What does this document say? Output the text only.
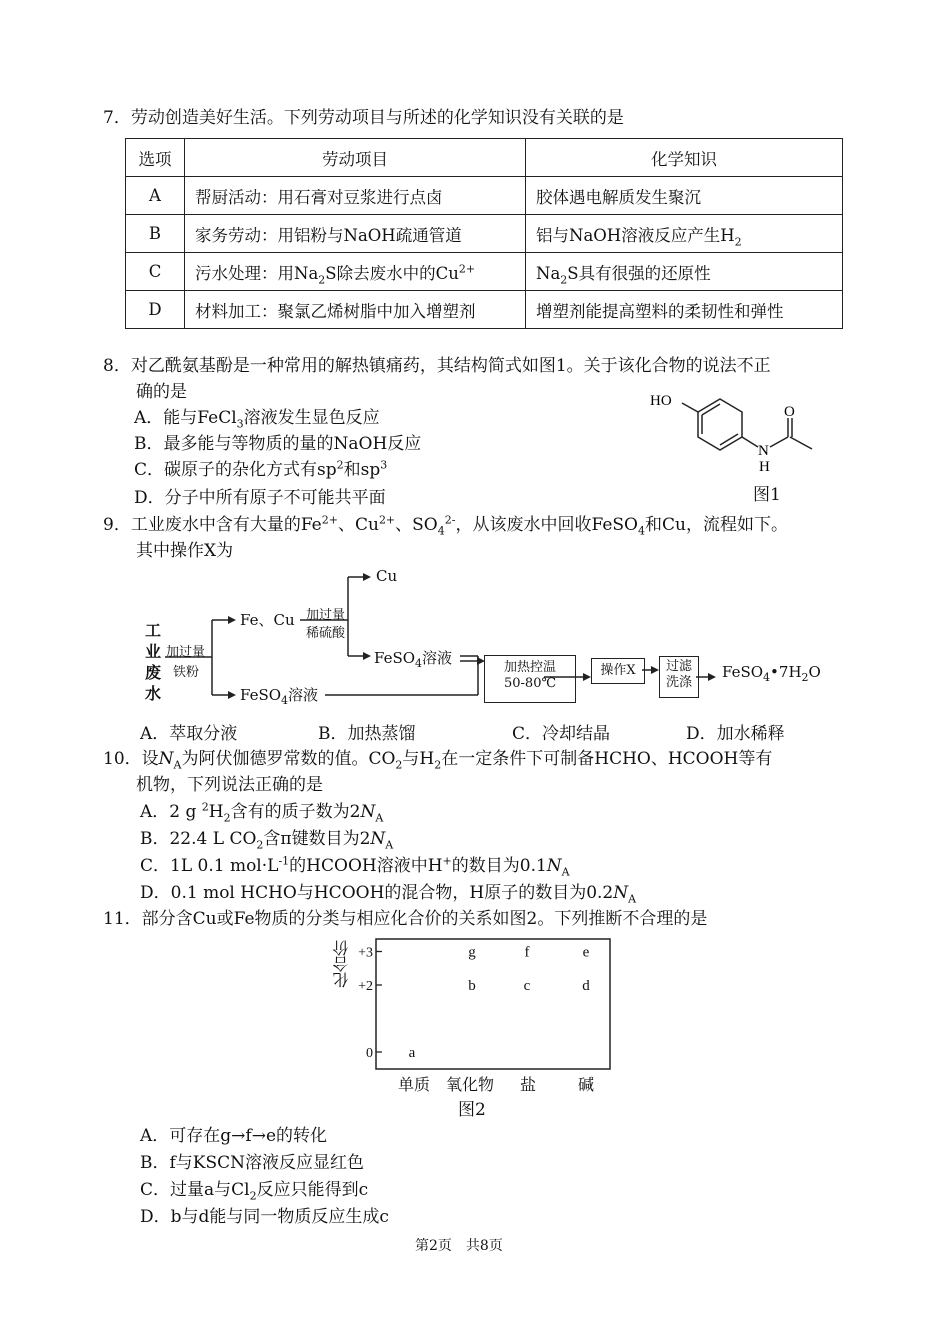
7．劳动创造美好生活。下列劳动项目与所述的化学知识没有关联的是
选项	劳动项目	化学知识
A	帮厨活动：用石膏对豆浆进行点卤	胶体遇电解质发生聚沉
B	家务劳动：用铝粉与NaOH疏通管道	铝与NaOH溶液反应产生$H_2$
C	污水处理：用$Na_2S$除去废水中的$Cu^{2+}$	$Na_2S$具有很强的还原性
D	材料加工：聚氯乙烯树脂中加入增塑剂	增塑剂能提高塑料的柔韧性和弹性
8．对乙酰氨基酚是一种常用的解热镇痛药，其结构简式如图1。关于该化合物的说法不正
确的是
A．能与FeCl$_3$溶液发生显色反应
B．最多能与等物质的量的NaOH反应
C．碳原子的杂化方式有$sp^2$和$sp^3$
D．分子中所有原子不可能共平面
HO
O
N
H
图1
9．工业废水中含有大量的$Fe^{2+}$、$Cu^{2+}$、$SO_4^{2-}$，从该废水中回收FeSO$_4$和Cu，流程如下。
其中操作X为
工
业
废
水
加过量
铁粉
Fe、Cu 加过量
稀硫酸
Cu
FeSO$_4$溶液
FeSO$_4$溶液
加热控温
50-80℃
操作X	过滤
洗涤
$FeSO_4•7H_2O$
A．萃取分液	B．加热蒸馏	C．冷却结晶	D．加水稀释
10．设$N_A$为阿伏伽德罗常数的值。$CO_2$与$H_2$在一定条件下可制备HCHO、HCOOH等有
机物，下列说法正确的是
A．2 g $^2H_2$含有的质子数为$2N_A$
B．22.4 L $CO_2$含π键数目为$2N_A$
C．1L 0.1 $mol\cdot L^{-1}$的HCOOH溶液中H+的数目为$0.1N_A$
D．0.1 mol HCHO与HCOOH的混合物，H原子的数目为$0.2N_A$
11．部分含Cu或Fe物质的分类与相应化合价的关系如图2。下列推断不合理的是
化合价 +3
+2
0 a
b
g
c
f
d
e
单质 氧化物 盐	碱
图2
A．可存在g→f→e的转化
B．f与KSCN溶液反应显红色
C．过量a与$Cl_2$反应只能得到c
D．b与d能与同一物质反应生成c
第2页　共8页
